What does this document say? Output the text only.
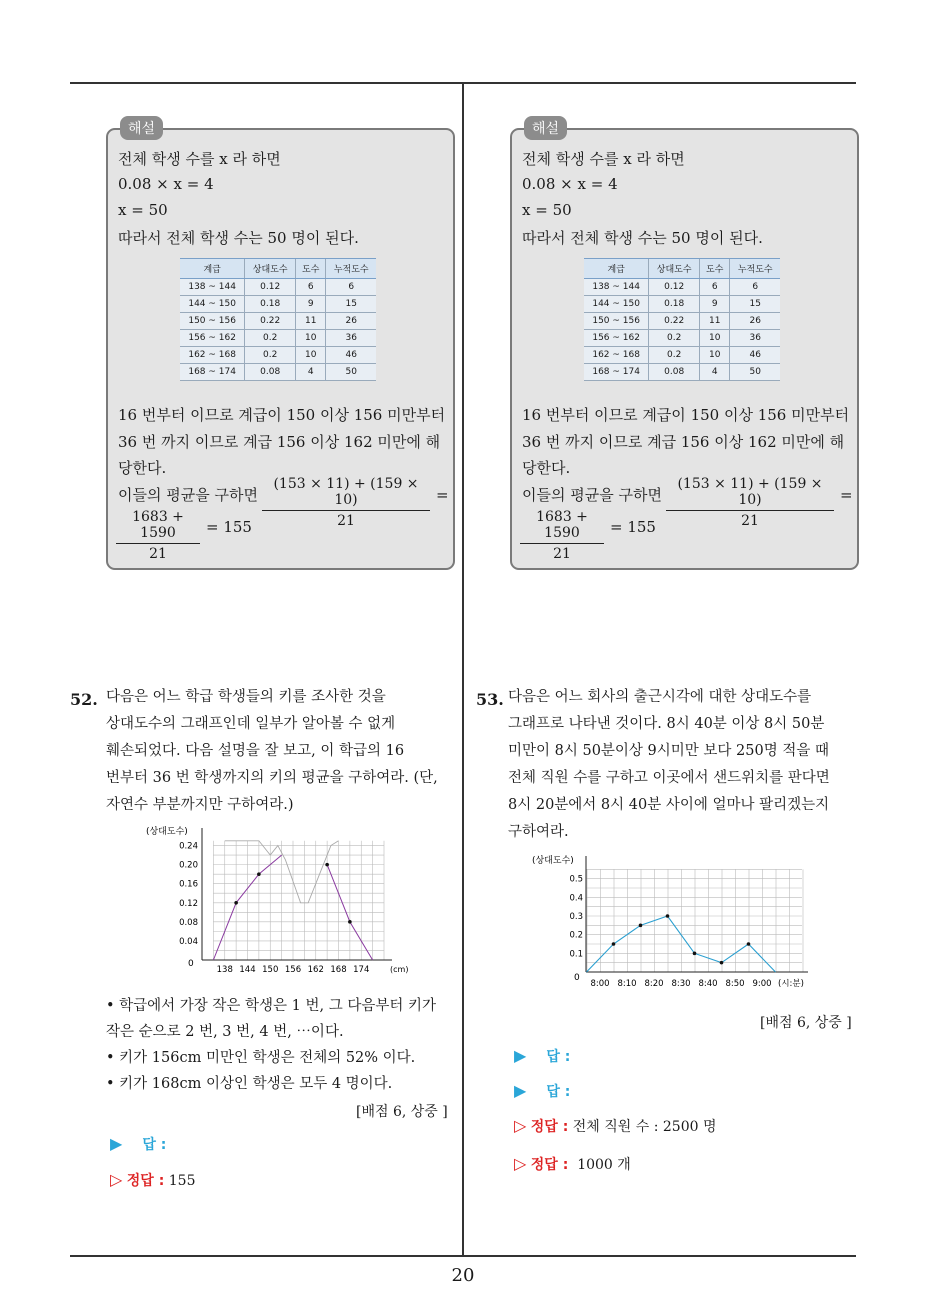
52. 다음은 어느 학급 학생들의 키를 조사한 것을
상대도수의 그래프인데 일부가 알아볼 수 없게
훼손되었다. 다음 설명을 잘 보고, 이 학급의 16
번부터 36 번 학생까지의 키의 평균을 구하여라. (단,
자연수 부분까지만 구하여라.)
(상대도수)
(cm)
0
0.24
0.20
0.16
0.12
0.08
0.04
138 144 150 156 162 168 174
• 학급에서 가장 작은 학생은 1 번, 그 다음부터 키가
작은 순으로 2 번, 3 번, 4 번, ⋯이다.
• 키가 156cm 미만인 학생은 전체의 52% 이다.
• 키가 168cm 이상인 학생은 모두 4 명이다.
[배점 6, 상중 ]
▶ 답 :
▷ 정답 : 155
53. 다음은 어느 회사의 출근시각에 대한 상대도수를
그래프로 나타낸 것이다. 8시 40분 이상 8시 50분
미만이 8시 50분이상 9시미만 보다 250명 적을 때
전체 직원 수를 구하고 이곳에서 샌드위치를 판다면
8시 20분에서 8시 40분 사이에 얼마나 팔리겠는지
구하여라.
(상대도수)
0
0.5
0.4
0.3
0.2
0.1
8:00 8:10 8:20 8:30 8:40 8:50 9:00 (시:분)
[배점 6, 상중 ]
▶ 답 :
▶ 답 :
▷ 정답 : 전체 직원 수 : 2500 명
▷ 정답 : 1000 개
20
해설
전체 학생 수를 x 라 하면
0.08 × x = 4
x = 50
따라서 전체 학생 수는 50 명이 된다.
계급	상대도수	도수	누적도수
138 ~ 144	0.12	6	6
144 ~ 150	0.18	9	15
150 ~ 156	0.22	11	26
156 ~ 162	0.2	10	36
162 ~ 168	0.2	10	46
168 ~ 174	0.08	4	50
16 번부터 이므로 계급이 150 이상 156 미만부터
36 번 까지 이므로 계급 156 이상 162 미만에 해
당한다.
이들의 평균을 구하면 $\frac{(153 \times 11) + (159 \times 10)}{21}$ =
$\frac{1683 + 1590}{21} = 155$
해설
전체 학생 수를 x 라 하면
0.08 × x = 4
x = 50
따라서 전체 학생 수는 50 명이 된다.
계급	상대도수	도수	누적도수
138 ~ 144	0.12	6	6
144 ~ 150	0.18	9	15
150 ~ 156	0.22	11	26
156 ~ 162	0.2	10	36
162 ~ 168	0.2	10	46
168 ~ 174	0.08	4	50
16 번부터 이므로 계급이 150 이상 156 미만부터
36 번 까지 이므로 계급 156 이상 162 미만에 해
당한다.
이들의 평균을 구하면 $\frac{(153 \times 11) + (159 \times 10)}{21}$ =
$\frac{1683 + 1590}{21} = 155$
